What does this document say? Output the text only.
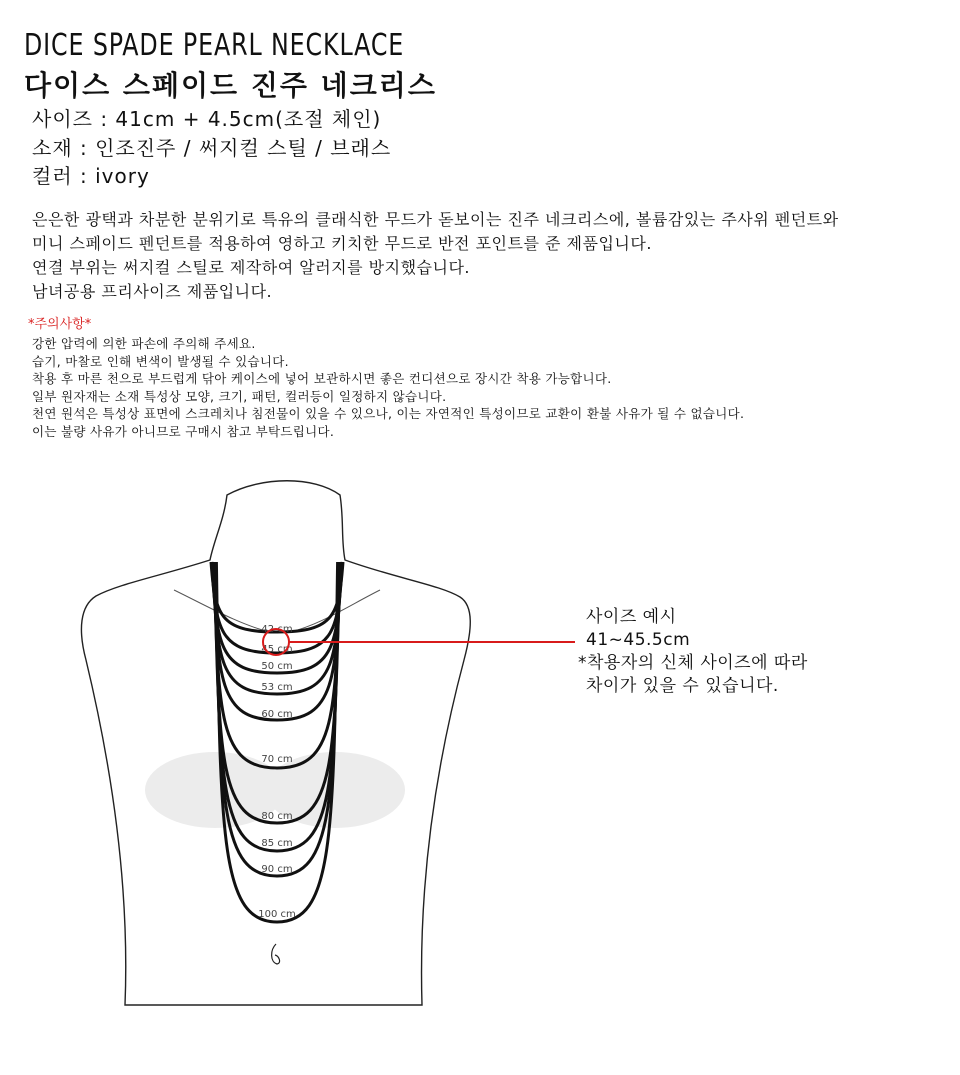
DICE SPADE PEARL NECKLACE
다이스 스페이드 진주 네크리스
사이즈 : 41cm + 4.5cm(조절 체인)
소재 : 인조진주 / 써지컬 스틸 / 브래스
컬러 : ivory
은은한 광택과 차분한 분위기로 특유의 클래식한 무드가 돋보이는 진주 네크리스에, 볼륨감있는 주사위 펜던트와
미니 스페이드 펜던트를 적용하여 영하고 키치한 무드로 반전 포인트를 준 제품입니다.
연결 부위는 써지컬 스틸로 제작하여 알러지를 방지했습니다.
남녀공용 프리사이즈 제품입니다.
*주의사항*
강한 압력에 의한 파손에 주의해 주세요.
습기, 마찰로 인해 변색이 발생될 수 있습니다.
착용 후 마른 천으로 부드럽게 닦아 케이스에 넣어 보관하시면 좋은 컨디션으로 장시간 착용 가능합니다.
일부 원자재는 소재 특성상 모양, 크기, 패턴, 컬러등이 일정하지 않습니다.
천연 원석은 특성상 표면에 스크레치나 침전물이 있을 수 있으나, 이는 자연적인 특성이므로 교환이 환불 사유가 될 수 없습니다.
이는 불량 사유가 아니므로 구매시 참고 부탁드립니다.
42 cm
45 cm
50 cm
53 cm
60 cm
70 cm
80 cm
85 cm
90 cm
100 cm
사이즈 예시
41~45.5cm
*착용자의 신체 사이즈에 따라
차이가 있을 수 있습니다.
